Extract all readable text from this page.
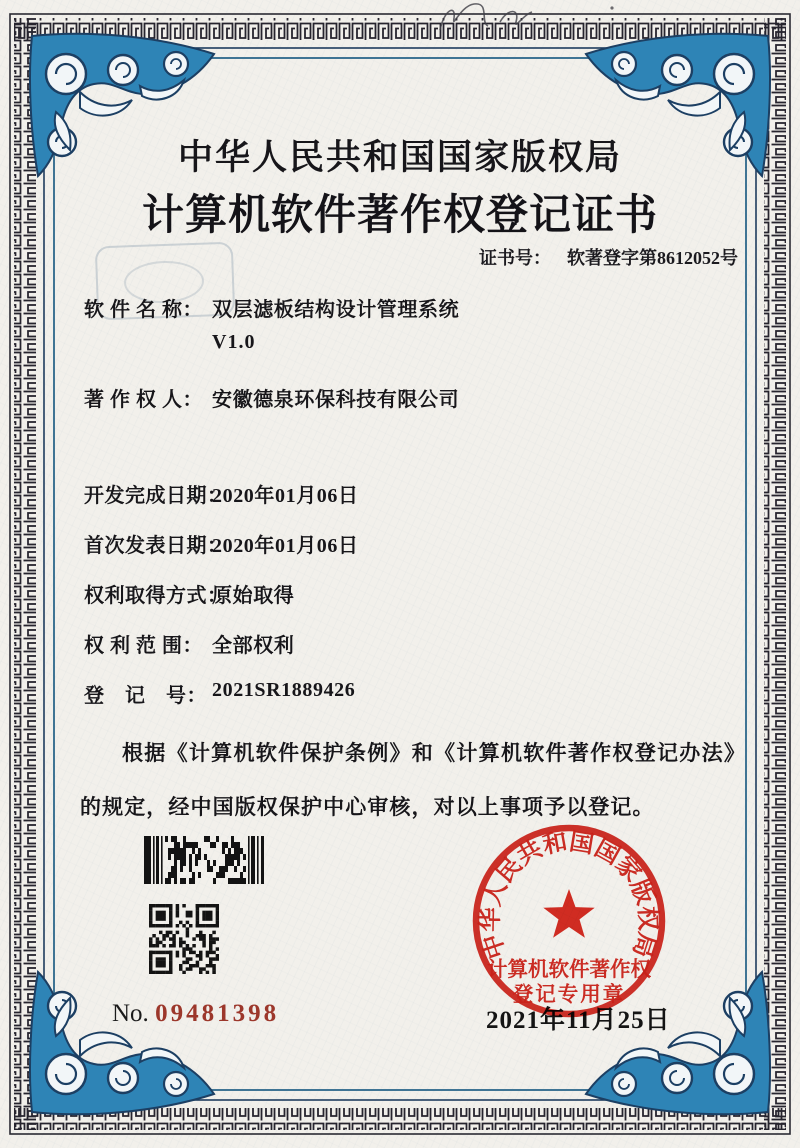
中华人民共和国国家版权局
计算机软件著作权登记证书
证书号： 软著登字第8612052号
软 件 名 称： 双层滤板结构设计管理系统
V1.0
著 作 权 人： 安徽德泉环保科技有限公司
开发完成日期： 2020年01月06日
首次发表日期： 2020年01月06日
权利取得方式： 原始取得
权 利 范 围： 全部权利
登　记　号： 2021SR1889426
根据《计算机软件保护条例》和《计算机软件著作权登记办法》的规定，经中国版权保护中心审核，对以上事项予以登记。
No. 09481398	2021年11月25日
中华人民共和国国家版权局
计算机软件著作权
登记专用章
